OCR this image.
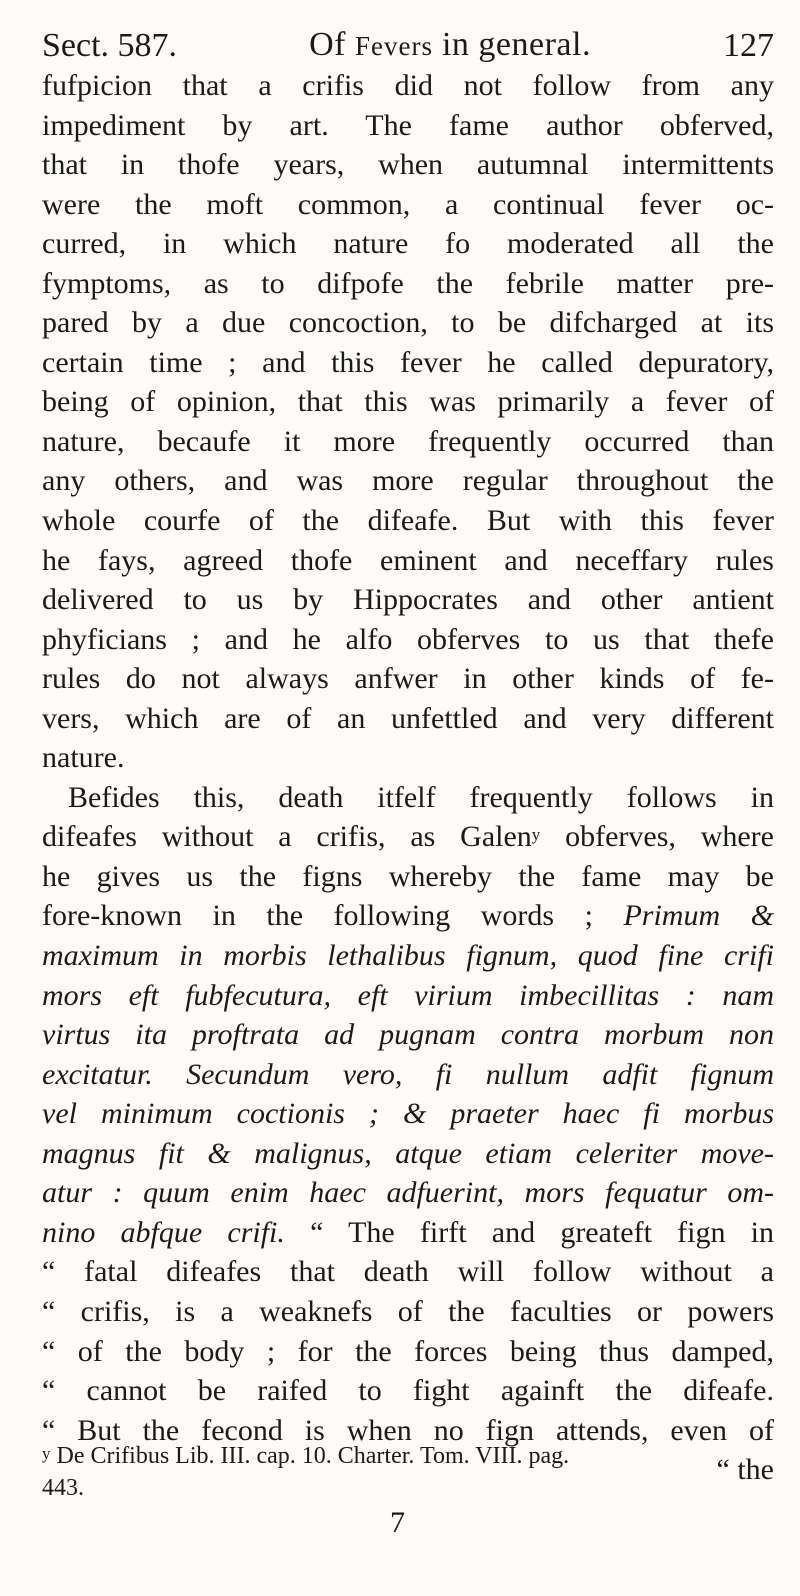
Sect. 587.	Of Fevers in general.	127
fufpicion that a crifis did not follow from any
impediment by art. The fame author obferved,
that in thofe years, when autumnal intermittents
were the moft common, a continual fever oc-
curred, in which nature fo moderated all the
fymptoms, as to difpofe the febrile matter pre-
pared by a due concoction, to be difcharged at its
certain time ; and this fever he called depuratory,
being of opinion, that this was primarily a fever of
nature, becaufe it more frequently occurred than
any others, and was more regular throughout the
whole courfe of the difeafe. But with this fever
he fays, agreed thofe eminent and neceffary rules
delivered to us by Hippocrates and other antient
phyficians ; and he alfo obferves to us that thefe
rules do not always anfwer in other kinds of fe-
vers, which are of an unfettled and very different
nature.
Befides this, death itfelf frequently follows in
difeafes without a crifis, as Galen$^y$ obferves, where
he gives us the figns whereby the fame may be
fore-known in the following words ; Primum &
maximum in morbis lethalibus fignum, quod fine crifi
mors eft fubfecutura, eft virium imbecillitas : nam
virtus ita proftrata ad pugnam contra morbum non
excitatur. Secundum vero, fi nullum adfit fignum
vel minimum coctionis ; & praeter haec fi morbus
magnus fit & malignus, atque etiam celeriter move-
atur : quum enim haec adfuerint, mors fequatur om-
nino abfque crifi. “ The firft and greateft fign in
“ fatal difeafes that death will follow without a
“ crifis, is a weaknefs of the faculties or powers
“ of the body ; for the forces being thus damped,
“ cannot be raifed to fight againft the difeafe.
“ But the fecond is when no fign attends, even of
“ the
$^y$ De Crifibus Lib. III. cap. 10. Charter. Tom. VIII. pag.
443.
7
